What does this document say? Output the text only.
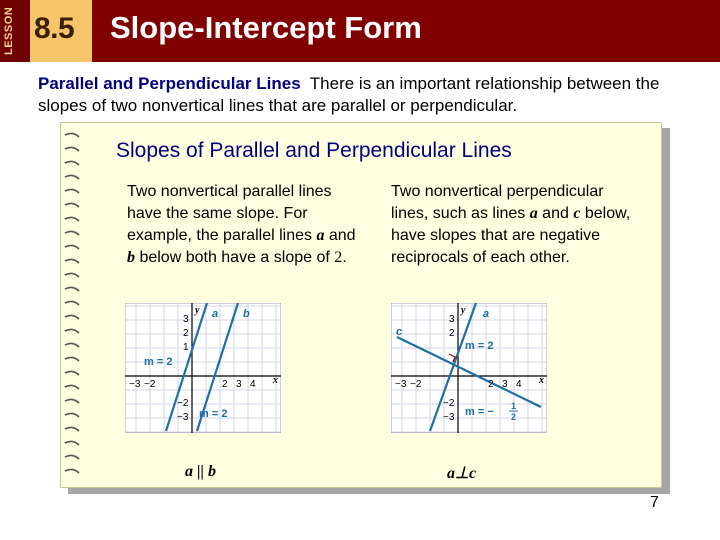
LESSON 8.5 Slope-Intercept Form
Parallel and Perpendicular Lines There is an important relationship between the slopes of two nonvertical lines that are parallel or perpendicular.
Slopes of Parallel and Perpendicular Lines
Two nonvertical parallel lines have the same slope. For example, the parallel lines a and b below both have a slope of 2.
Two nonvertical perpendicular lines, such as lines a and c below, have slopes that are negative reciprocals of each other.
y
x
a b
m = 2
m = 2
3
2
1
−2
−3
−3 −2	2 3 4
y
x
a
c
m = 2
m = − 1
2
3
2
−2
−3
−3 −2	2 3 4
a || b	a⊥c
7
